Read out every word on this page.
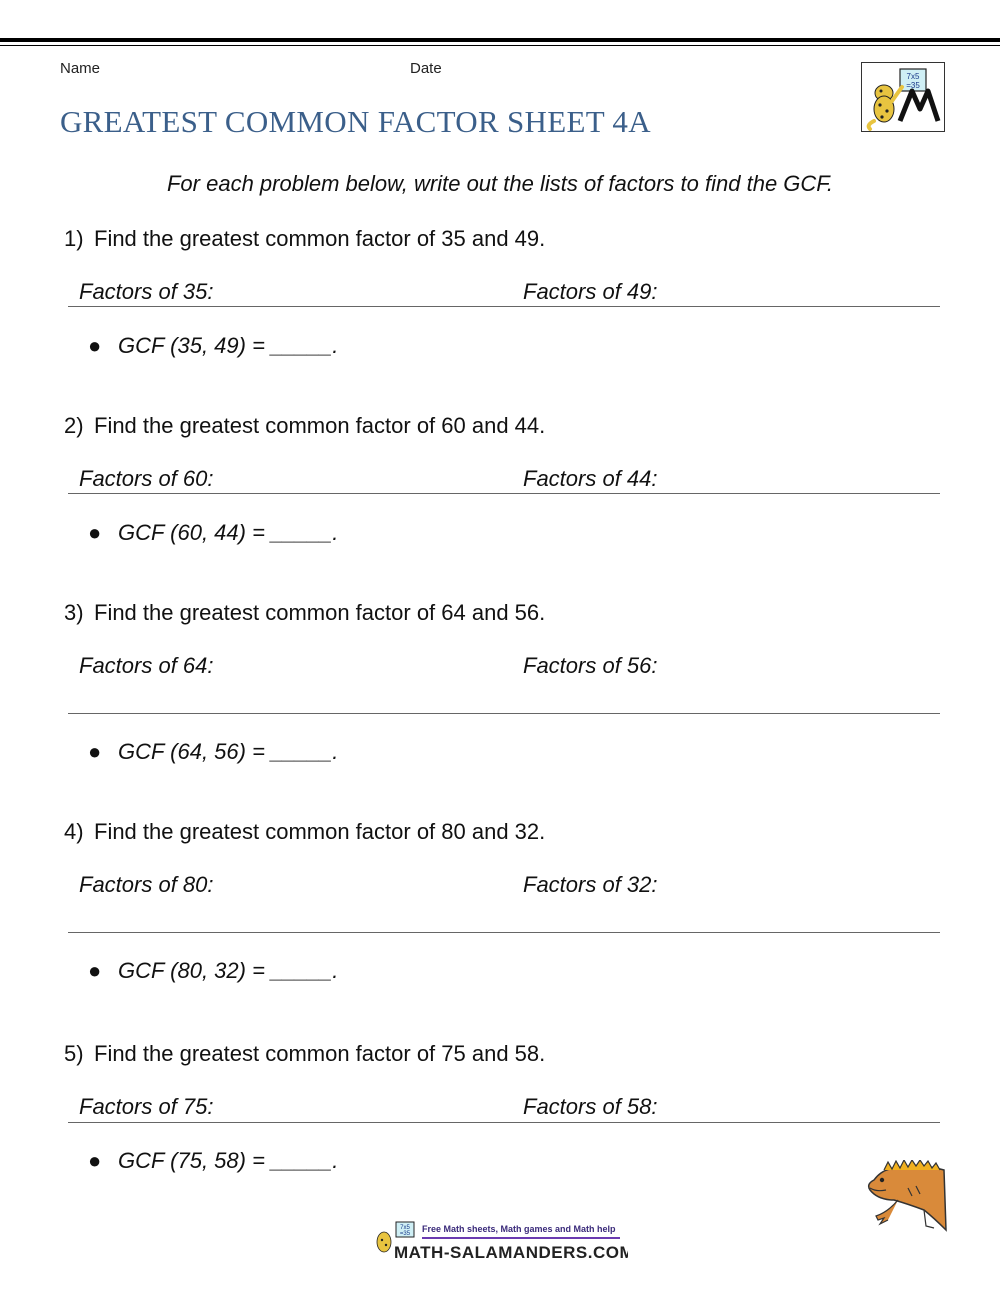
Name	Date
GREATEST COMMON FACTOR SHEET 4A
7x5
=35
For each problem below, write out the lists of factors to find the GCF.
1) Find the greatest common factor of 35 and 49.
Factors of 35:	Factors of 49:
● GCF (35, 49) = _____.
2) Find the greatest common factor of 60 and 44.
Factors of 60:	Factors of 44:
● GCF (60, 44) = _____.
3) Find the greatest common factor of 64 and 56.
Factors of 64:	Factors of 56:
● GCF (64, 56) = _____.
4) Find the greatest common factor of 80 and 32.
Factors of 80:	Factors of 32:
● GCF (80, 32) = _____.
5) Find the greatest common factor of 75 and 58.
Factors of 75:	Factors of 58:
● GCF (75, 58) = _____.
7x5
=35 Free Math sheets, Math games and Math help
MATH-SALAMANDERS.COM
